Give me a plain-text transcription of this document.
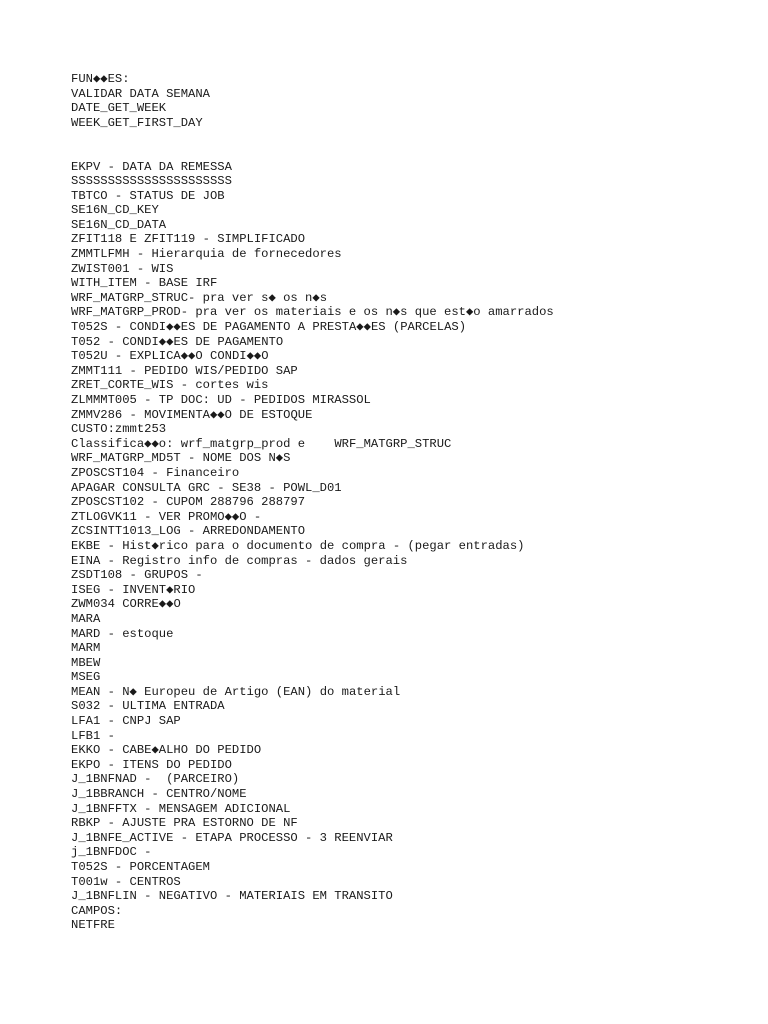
FUN◆◆ES:
VALIDAR DATA SEMANA
DATE_GET_WEEK
WEEK_GET_FIRST_DAY
EKPV - DATA DA REMESSA
SSSSSSSSSSSSSSSSSSSSSS
TBTCO - STATUS DE JOB
SE16N_CD_KEY
SE16N_CD_DATA
ZFIT118 E ZFIT119 - SIMPLIFICADO
ZMMTLFMH - Hierarquia de fornecedores
ZWIST001 - WIS
WITH_ITEM - BASE IRF
WRF_MATGRP_STRUC- pra ver s◆ os n◆s
WRF_MATGRP_PROD- pra ver os materiais e os n◆s que est◆o amarrados
T052S - CONDI◆◆ES DE PAGAMENTO A PRESTA◆◆ES (PARCELAS)
T052 - CONDI◆◆ES DE PAGAMENTO
T052U - EXPLICA◆◆O CONDI◆◆O
ZMMT111 - PEDIDO WIS/PEDIDO SAP
ZRET_CORTE_WIS - cortes wis
ZLMMMT005 - TP DOC: UD - PEDIDOS MIRASSOL
ZMMV286 - MOVIMENTA◆◆O DE ESTOQUE
CUSTO:zmmt253
Classifica◆◆o: wrf_matgrp_prod e    WRF_MATGRP_STRUC
WRF_MATGRP_MD5T - NOME DOS N◆S
ZPOSCST104 - Financeiro
APAGAR CONSULTA GRC - SE38 - POWL_D01
ZPOSCST102 - CUPOM 288796 288797
ZTLOGVK11 - VER PROMO◆◆O -
ZCSINTT1013_LOG - ARREDONDAMENTO
EKBE - Hist◆rico para o documento de compra - (pegar entradas)
EINA - Registro info de compras - dados gerais
ZSDT108 - GRUPOS -
ISEG - INVENT◆RIO
ZWM034 CORRE◆◆O
MARA
MARD - estoque
MARM
MBEW
MSEG
MEAN - N◆ Europeu de Artigo (EAN) do material
S032 - ULTIMA ENTRADA
LFA1 - CNPJ SAP
LFB1 -
EKKO - CABE◆ALHO DO PEDIDO
EKPO - ITENS DO PEDIDO
J_1BNFNAD -  (PARCEIRO)
J_1BBRANCH - CENTRO/NOME
J_1BNFFTX - MENSAGEM ADICIONAL
RBKP - AJUSTE PRA ESTORNO DE NF
J_1BNFE_ACTIVE - ETAPA PROCESSO - 3 REENVIAR
j_1BNFDOC -
T052S - PORCENTAGEM
T001w - CENTROS
J_1BNFLIN - NEGATIVO - MATERIAIS EM TRANSITO
CAMPOS:
NETFRE
